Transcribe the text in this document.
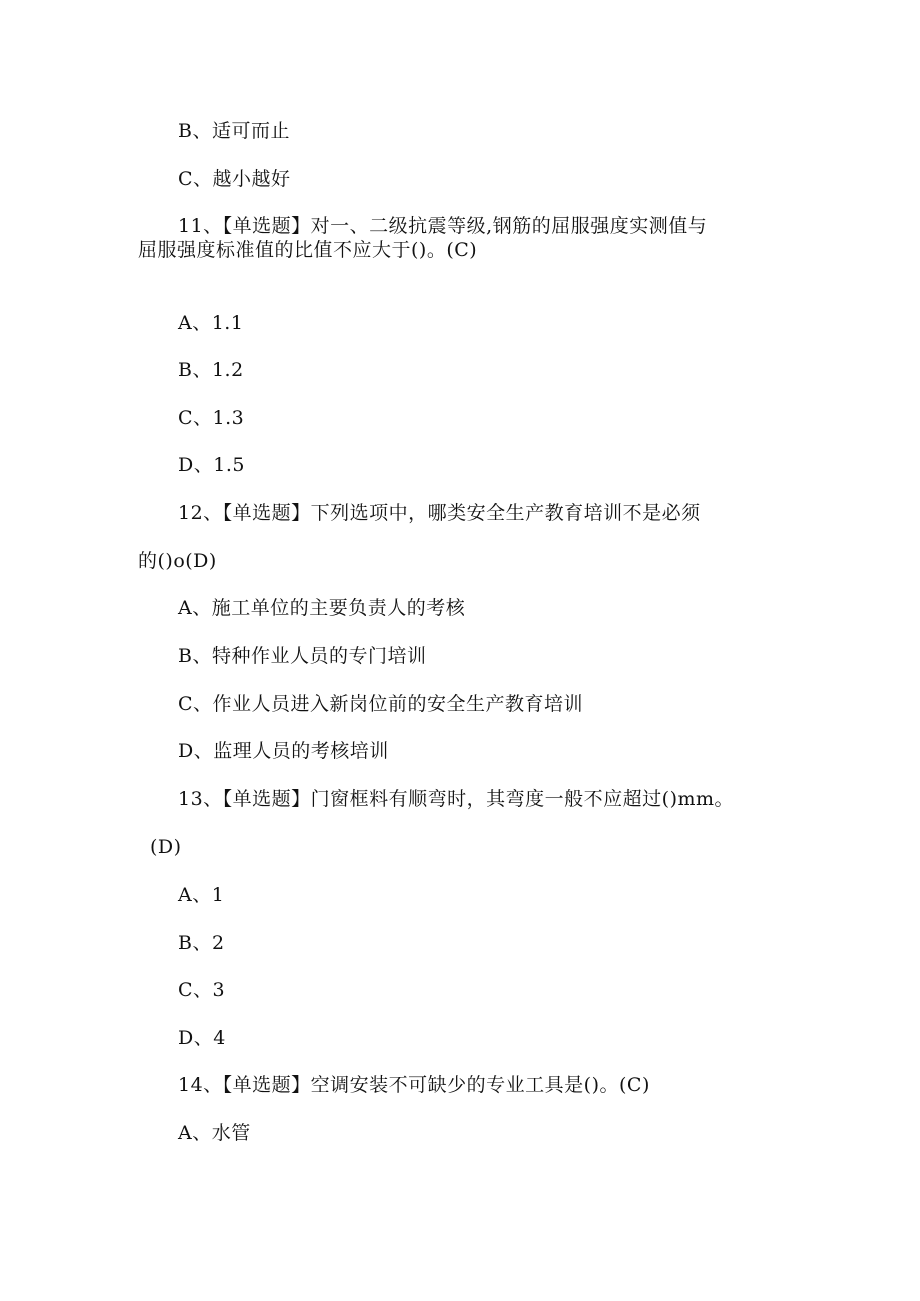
B、适可而止
C、越小越好
11、【单选题】对一、二级抗震等级,钢筋的屈服强度实测值与
屈服强度标准值的比值不应大于()。(C)
A、1.1
B、1.2
C、1.3
D、1.5
12、【单选题】下列选项中，哪类安全生产教育培训不是必须
的()o(D)
A、施工单位的主要负责人的考核
B、特种作业人员的专门培训
C、作业人员进入新岗位前的安全生产教育培训
D、监理人员的考核培训
13、【单选题】门窗框料有顺弯时，其弯度一般不应超过()mm。
(D)
A、1
B、2
C、3
D、4
14、【单选题】空调安装不可缺少的专业工具是()。(C)
A、水管
